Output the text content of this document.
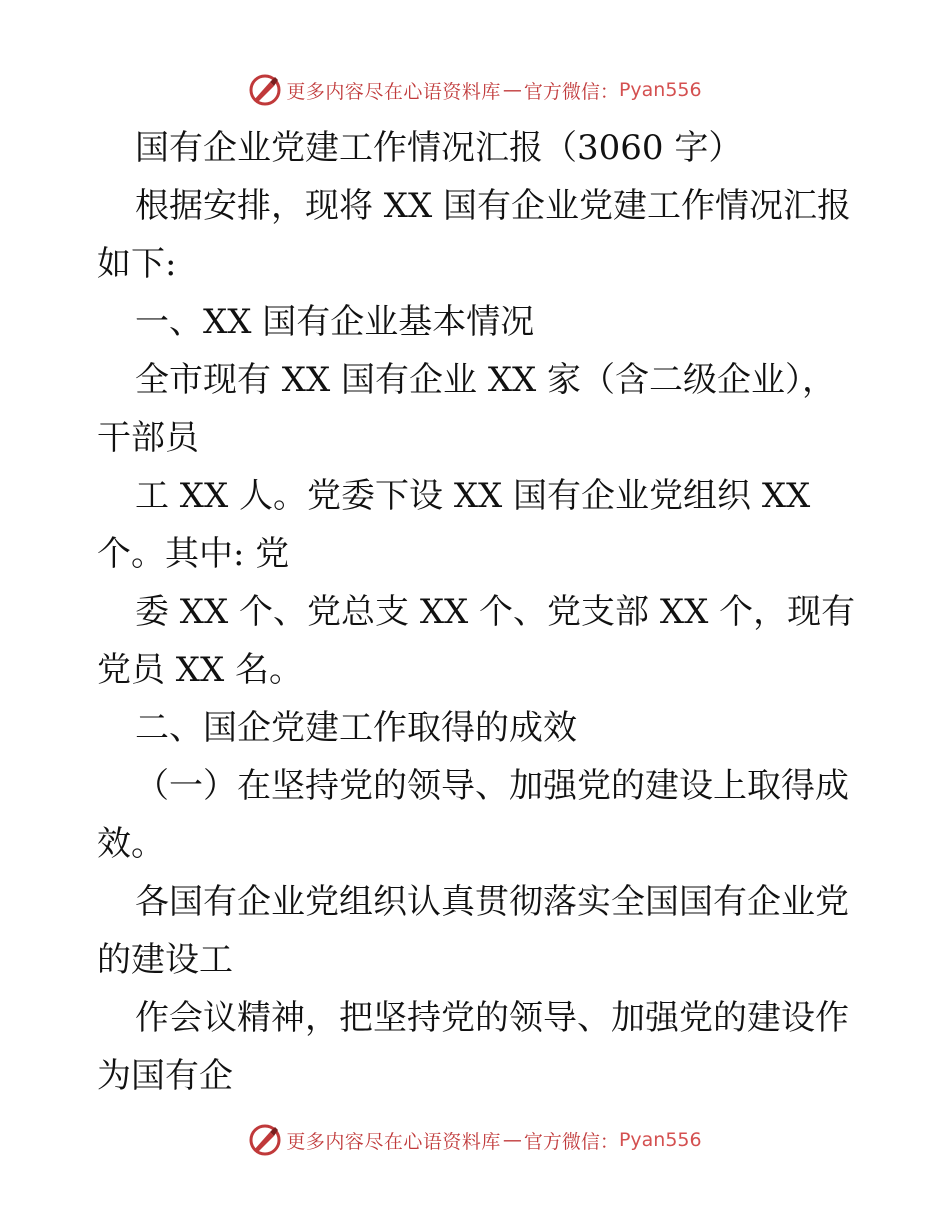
更多内容尽在心语资料库 — 官方微信： Pyan556
国有企业党建工作情况汇报（3060 字）
根据安排，现将 XX 国有企业党建工作情况汇报
如下:
一、XX 国有企业基本情况
全市现有 XX 国有企业 XX 家（含二级企业），
干部员
工 XX 人。党委下设 XX 国有企业党组织 XX
个。其中: 党
委 XX 个、党总支 XX 个、党支部 XX 个，现有
党员 XX 名。
二、国企党建工作取得的成效
（一）在坚持党的领导、加强党的建设上取得成
效。
各国有企业党组织认真贯彻落实全国国有企业党
的建设工
作会议精神，把坚持党的领导、加强党的建设作
为国有企
更多内容尽在心语资料库 — 官方微信： Pyan556
